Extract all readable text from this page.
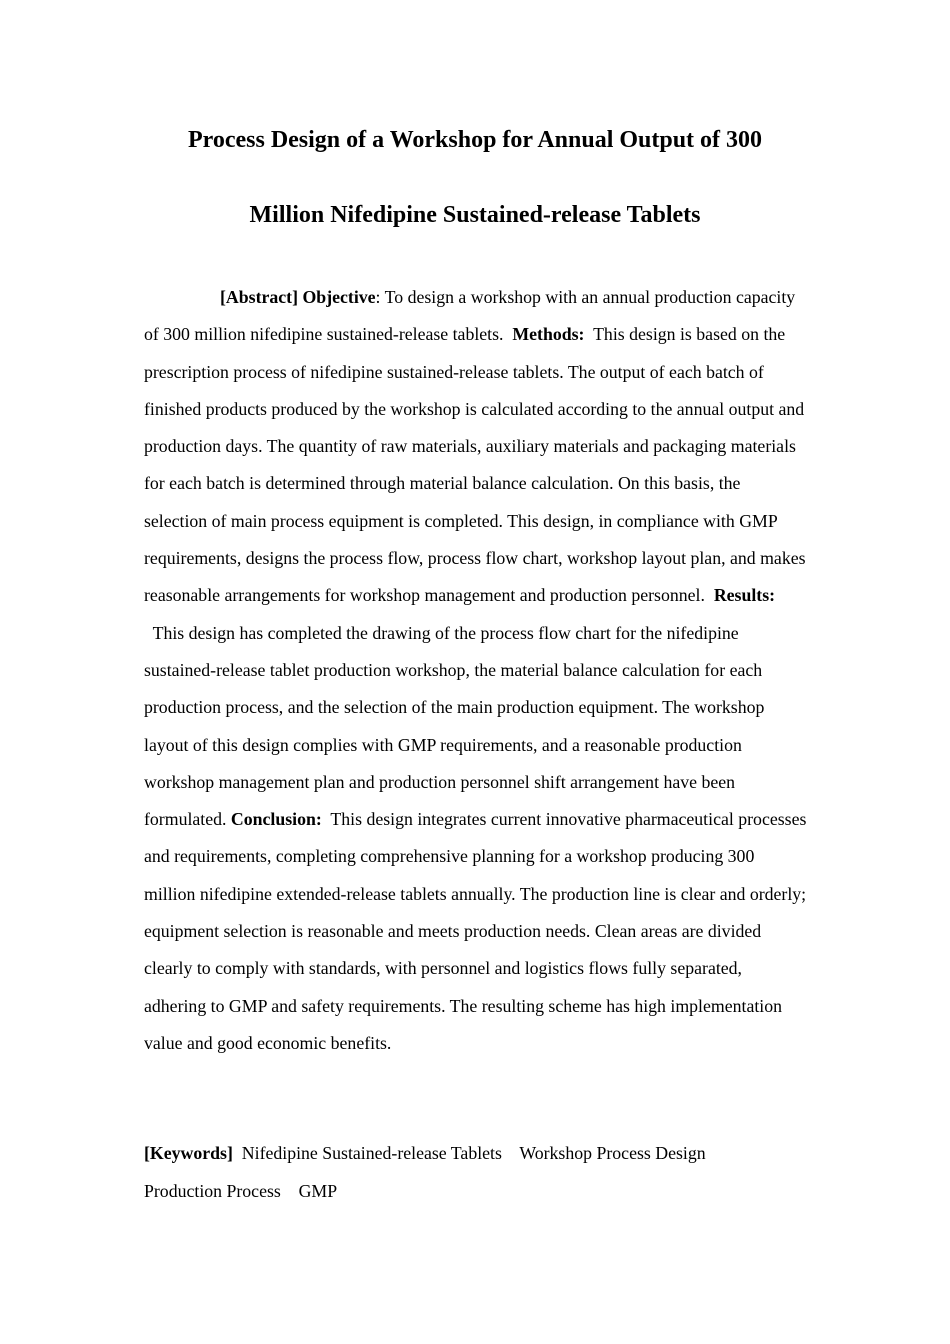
Process Design of a Workshop for Annual Output of 300
Million Nifedipine Sustained-release Tablets

[Abstract] Objective: To design a workshop with an annual production capacity of 300 million nifedipine sustained-release tablets. Methods: This design is based on the prescription process of nifedipine sustained-release tablets. The output of each batch of finished products produced by the workshop is calculated according to the annual output and production days. The quantity of raw materials, auxiliary materials and packaging materials for each batch is determined through material balance calculation. On this basis, the selection of main process equipment is completed. This design, in compliance with GMP requirements, designs the process flow, process flow chart, workshop layout plan, and makes reasonable arrangements for workshop management and production personnel. Results:  This design has completed the drawing of the process flow chart for the nifedipine sustained-release tablet production workshop, the material balance calculation for each production process, and the selection of the main production equipment. The workshop layout of this design complies with GMP requirements, and a reasonable production workshop management plan and production personnel shift arrangement have been formulated. Conclusion: This design integrates current innovative pharmaceutical processes and requirements, completing comprehensive planning for a workshop producing 300 million nifedipine extended-release tablets annually. The production line is clear and orderly; equipment selection is reasonable and meets production needs. Clean areas are divided clearly to comply with standards, with personnel and logistics flows fully separated, adhering to GMP and safety requirements. The resulting scheme has high implementation value and good economic benefits.

[Keywords] Nifedipine Sustained-release Tablets Workshop Process Design
Production Process GMP
